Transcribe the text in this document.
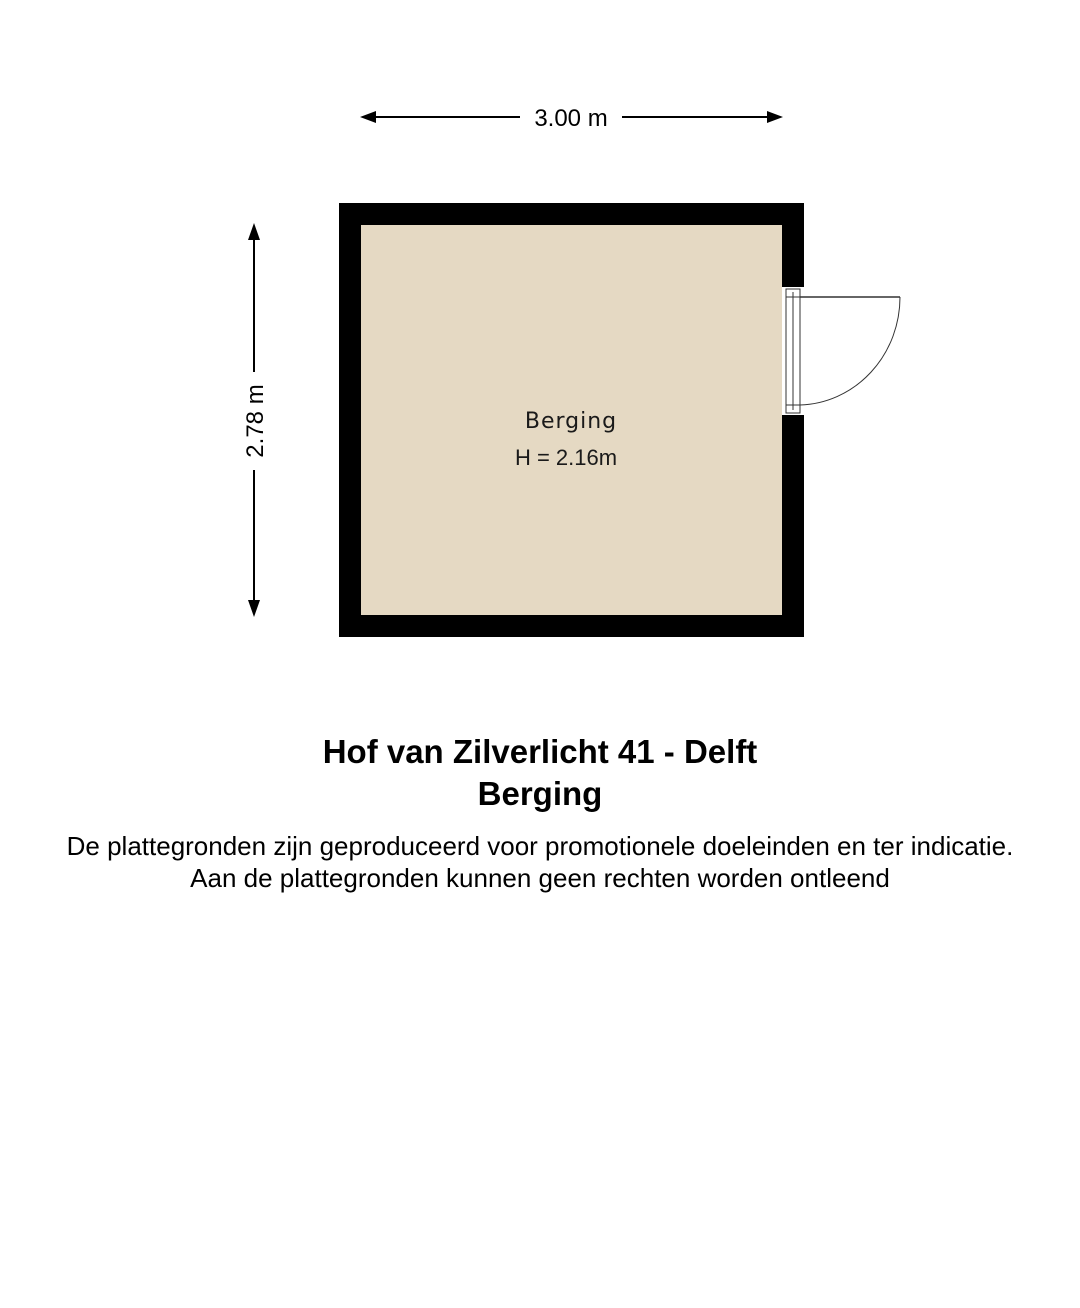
3.00 m
2.78 m	Berging
H = 2.16m

Hof van Zilverlicht 41 - Delft

Berging

De plattegronden zijn geproduceerd voor promotionele doeleinden en ter indicatie.

Aan de plattegronden kunnen geen rechten worden ontleend
